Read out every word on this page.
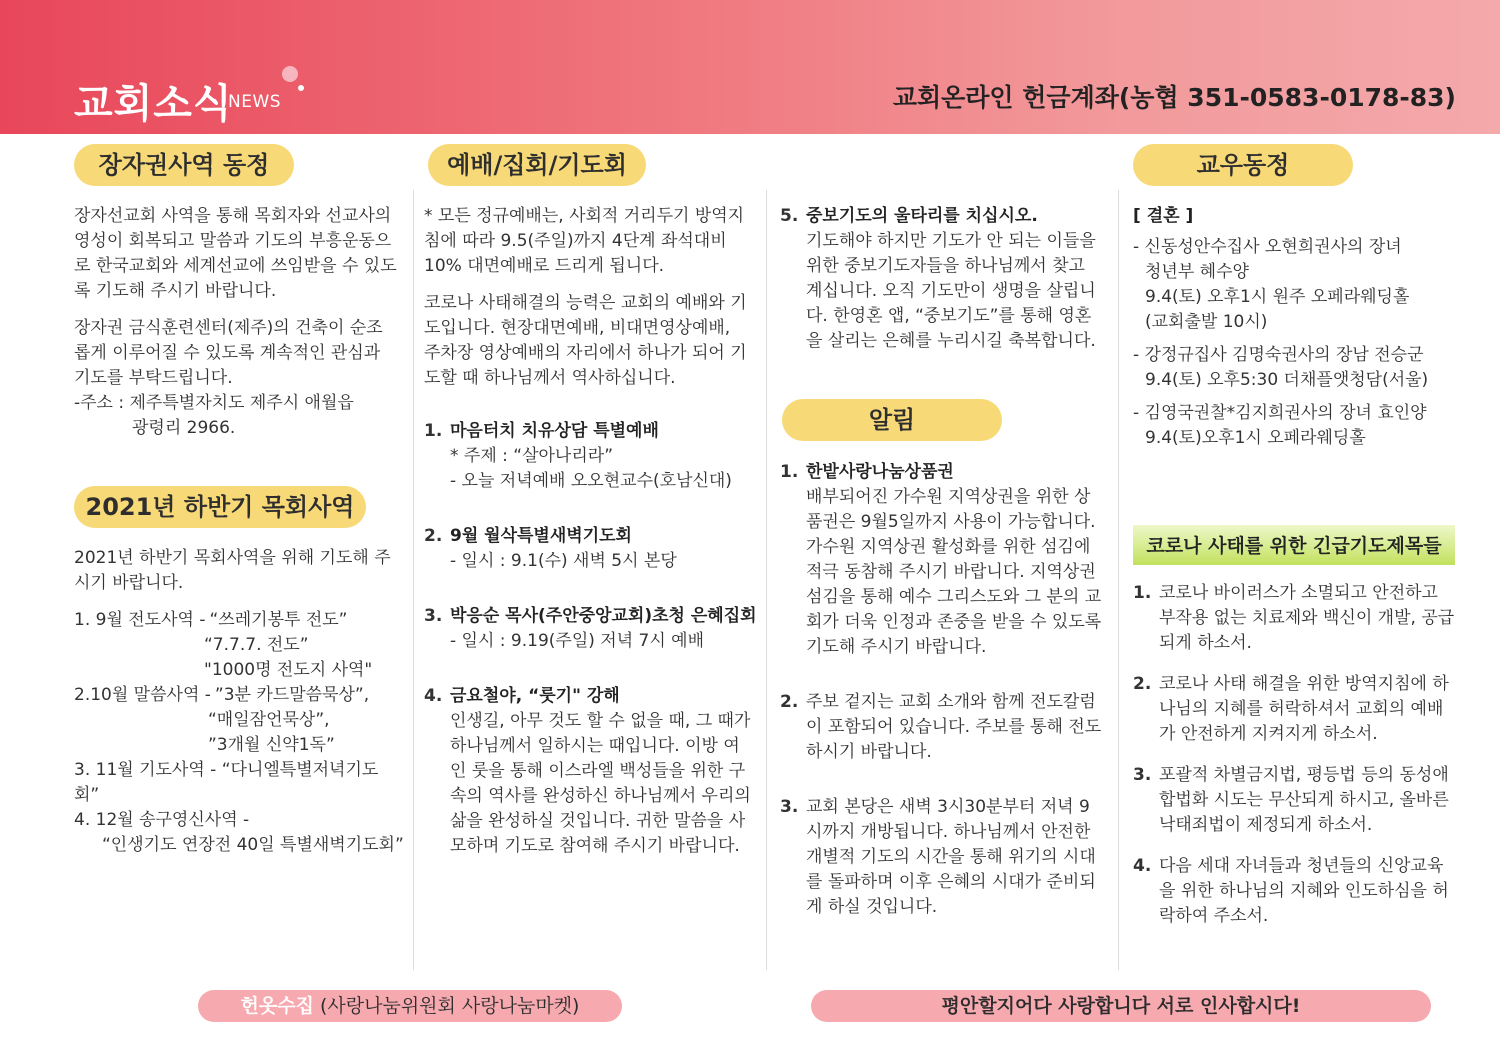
교회소식
NEWS	교회온라인 헌금계좌(농협 351-0583-0178-83)
장자권사역 동정	예배/집회/기도회	교우동정

장자선교회 사역을 통해 목회자와 선교사의 영성이 회복되고 말씀과 기도의 부흥운동으로 한국교회와 세계선교에 쓰임받을 수 있도록 기도해 주시기 바랍니다.

장자권 금식훈련센터(제주)의 건축이 순조롭게 이루어질 수 있도록 계속적인 관심과 기도를 부탁드립니다.

-주소 : 제주특별자치도 제주시 애월읍

광령리 2966.

2021년 하반기 목회사역

2021년 하반기 목회사역을 위해 기도해 주시기 바랍니다.

1. 9월 전도사역 - “쓰레기봉투 전도”

“7.7.7. 전도”

"1000명 전도지 사역"

2.10월 말씀사역 - ”3분 카드말씀묵상”,

“매일잠언묵상”,

”3개월 신약1독”

3. 11월 기도사역 - “다니엘특별저녁기도회”

4. 12월 송구영신사역 -

“인생기도 연장전 40일 특별새벽기도회”

* 모든 정규예배는, 사회적 거리두기 방역지침에 따라 9.5(주일)까지 4단계 좌석대비 10% 대면예배로 드리게 됩니다.

코로나 사태해결의 능력은 교회의 예배와 기도입니다. 현장대면예배, 비대면영상예배, 주차장 영상예배의 자리에서 하나가 되어 기도할 때 하나님께서 역사하십니다.

1. 마음터치 치유상담 특별예배

* 주제 : “살아나리라”

- 오늘 저녁예배 오오현교수(호남신대)

2. 9월 월삭특별새벽기도회

- 일시 : 9.1(수) 새벽 5시 본당

3. 박응순 목사(주안중앙교회)초청 은혜집회

- 일시 : 9.19(주일) 저녁 7시 예배

4. 금요철야, “룻기" 강해

인생길, 아무 것도 할 수 없을 때, 그 때가 하나님께서 일하시는 때입니다. 이방 여인 룻을 통해 이스라엘 백성들을 위한 구속의 역사를 완성하신 하나님께서 우리의 삶을 완성하실 것입니다. 귀한 말씀을 사모하며 기도로 참여해 주시기 바랍니다.

5. 중보기도의 울타리를 치십시오.

기도해야 하지만 기도가 안 되는 이들을 위한 중보기도자들을 하나님께서 찾고 계십니다. 오직 기도만이 생명을 살립니다. 한영혼 앱, “중보기도”를 통해 영혼을 살리는 은혜를 누리시길 축복합니다.

알림
1. 한밭사랑나눔상품권

배부되어진 가수원 지역상권을 위한 상품권은 9월5일까지 사용이 가능합니다. 가수원 지역상권 활성화를 위한 섬김에 적극 동참해 주시기 바랍니다. 지역상권 섬김을 통해 예수 그리스도와 그 분의 교회가 더욱 인정과 존중을 받을 수 있도록 기도해 주시기 바랍니다.

2. 주보 겉지는 교회 소개와 함께 전도칼럼이 포함되어 있습니다. 주보를 통해 전도하시기 바랍니다.

3. 교회 본당은 새벽 3시30분부터 저녁 9시까지 개방됩니다. 하나님께서 안전한 개별적 기도의 시간을 통해 위기의 시대를 돌파하며 이후 은혜의 시대가 준비되게 하실 것입니다.

[ 결혼 ]

- 신동성안수집사 오현희권사의 장녀

청년부 혜수양

9.4(토) 오후1시 원주 오페라웨딩홀

(교회출발 10시)

- 강정규집사 김명숙권사의 장남 전승군

9.4(토) 오후5:30 더채플앳청담(서울)

- 김영국권찰*김지희권사의 장녀 효인양

9.4(토)오후1시 오페라웨딩홀

코로나 사태를 위한 긴급기도제목들
1. 코로나 바이러스가 소멸되고 안전하고 부작용 없는 치료제와 백신이 개발, 공급되게 하소서.

2. 코로나 사태 해결을 위한 방역지침에 하나님의 지혜를 허락하셔서 교회의 예배가 안전하게 지켜지게 하소서.

3. 포괄적 차별금지법, 평등법 등의 동성애 합법화 시도는 무산되게 하시고, 올바른 낙태죄법이 제정되게 하소서.

4. 다음 세대 자녀들과 청년들의 신앙교육을 위한 하나님의 지혜와 인도하심을 허락하여 주소서.

헌옷수집 (사랑나눔위원회 사랑나눔마켓)	평안할지어다 사랑합니다 서로 인사합시다!
